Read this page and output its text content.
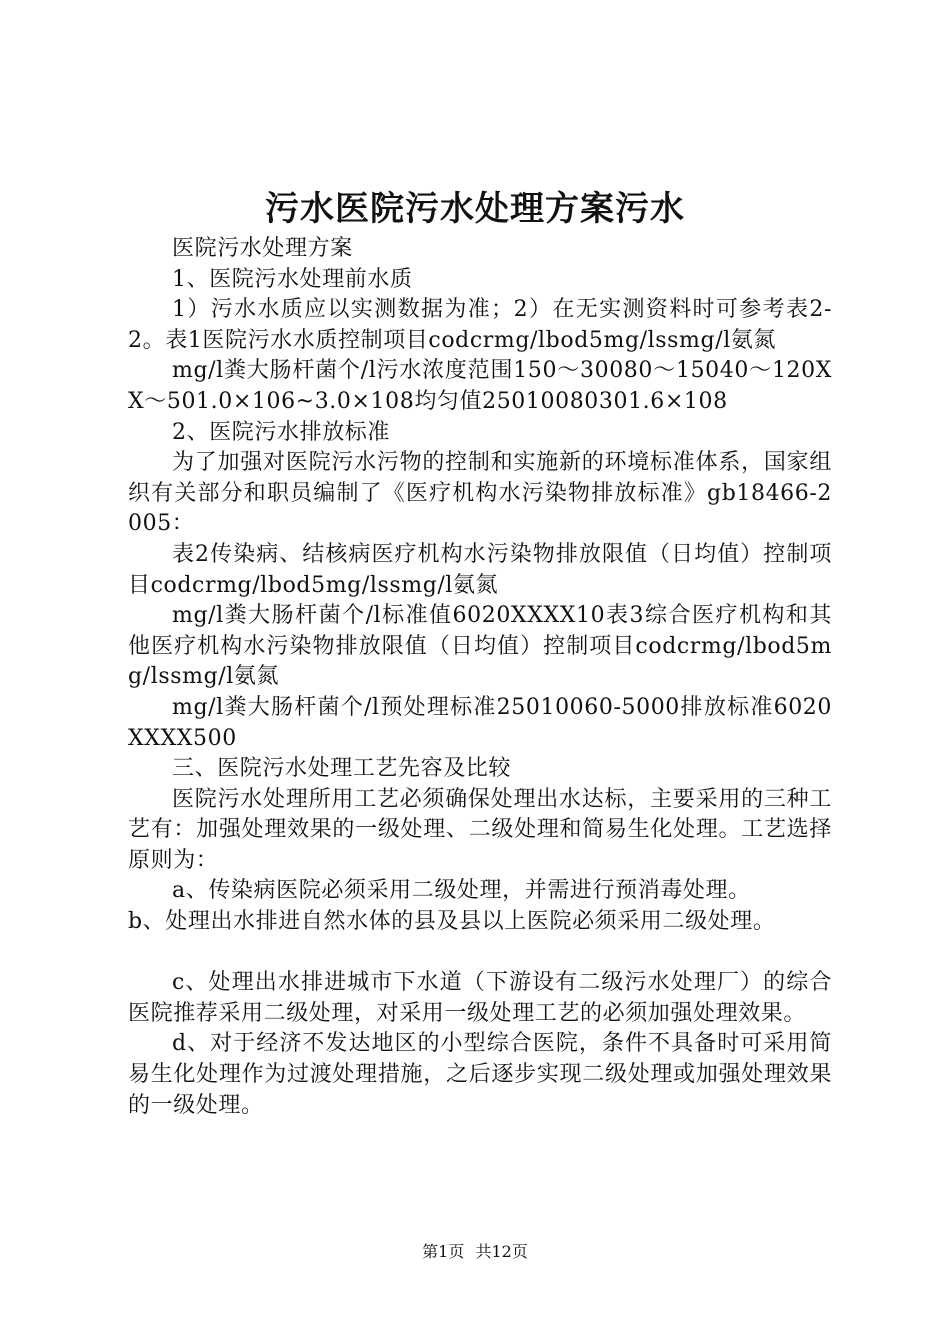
污水医院污水处理方案污水

医院污水处理方案

1、医院污水处理前水质

1）污水水质应以实测数据为准；2）在无实测资料时可参考表2-2。表1医院污水水质控制项目codcrmg/lbod5mg/lssmg/l氨氮

mg/l粪大肠杆菌个/l污水浓度范围150～30080～15040～120XX～501.0×106~3.0×108均匀值25010080301.6×108

2、医院污水排放标准

为了加强对医院污水污物的控制和实施新的环境标准体系，国家组织有关部分和职员编制了《医疗机构水污染物排放标准》gb18466-2005：

表2传染病、结核病医疗机构水污染物排放限值（日均值）控制项目codcrmg/lbod5mg/lssmg/l氨氮

mg/l粪大肠杆菌个/l标准值6020XXXX10表3综合医疗机构和其他医疗机构水污染物排放限值（日均值）控制项目codcrmg/lbod5mg/lssmg/l氨氮

mg/l粪大肠杆菌个/l预处理标准25010060-5000排放标准6020XXXX500

三、医院污水处理工艺先容及比较

医院污水处理所用工艺必须确保处理出水达标，主要采用的三种工艺有：加强处理效果的一级处理、二级处理和简易生化处理。工艺选择原则为：

a、传染病医院必须采用二级处理，并需进行预消毒处理。

b、处理出水排进自然水体的县及县以上医院必须采用二级处理。

c、处理出水排进城市下水道（下游设有二级污水处理厂）的综合医院推荐采用二级处理，对采用一级处理工艺的必须加强处理效果。

d、对于经济不发达地区的小型综合医院，条件不具备时可采用简易生化处理作为过渡处理措施，之后逐步实现二级处理或加强处理效果的一级处理。

第1页 共12页
